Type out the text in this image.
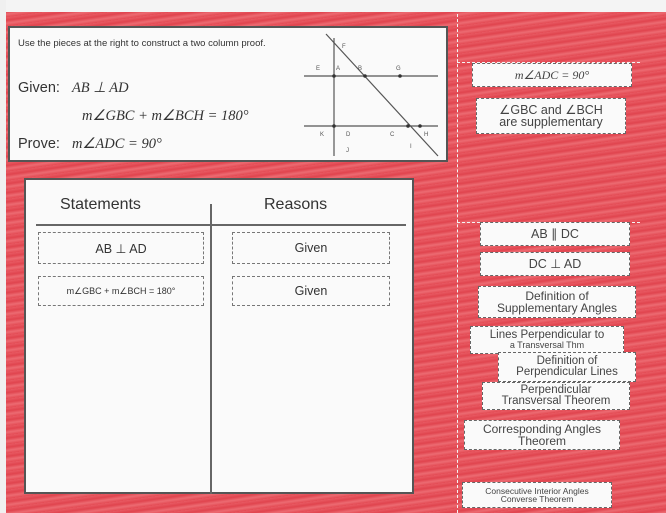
Use the pieces at the right to construct a two column proof.
Given: AB ⊥ AD
m∠GBC + m∠BCH = 180°
Prove: m∠ADC = 90°
F
E	A	B	G
K	D	C	H
J
I
Statements	Reasons
AB ⊥ AD	Given
m∠GBC + m∠BCH = 180°	Given
m∠ADC = 90°
∠GBC and ∠BCH
are supplementary
AB ∥ DC
DC ⊥ AD
Definition of
Supplementary Angles
Lines Perpendicular to
a Transversal Thm
Definition of
Perpendicular Lines
Perpendicular
Transversal Theorem
Corresponding Angles
Theorem
Consecutive Interior Angles
Converse Theorem
